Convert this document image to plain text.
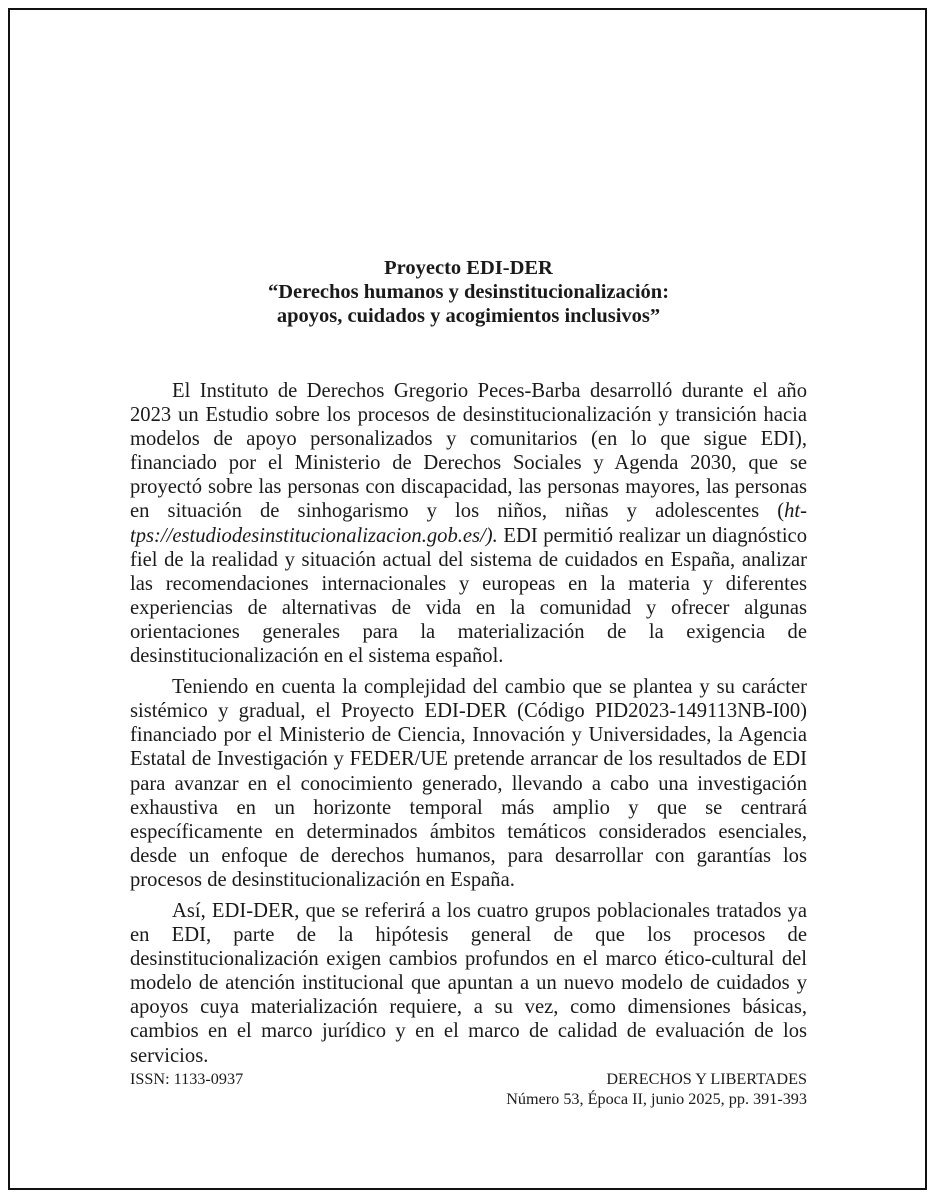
Proyecto EDI-DER
“Derechos humanos y desinstitucionalización:
apoyos, cuidados y acogimientos inclusivos”

El Instituto de Derechos Gregorio Peces-Barba desarrolló durante el año 2023 un Estudio sobre los procesos de desinstitucionalización y transición hacia modelos de apoyo personalizados y comunitarios (en lo que sigue EDI), financiado por el Ministerio de Derechos Sociales y Agenda 2030, que se proyectó sobre las personas con discapacidad, las personas mayores, las personas en situación de sinhogarismo y los niños, niñas y adolescentes (ht-tps://estudiodesinstitucionalizacion.gob.es/). EDI permitió realizar un diagnóstico fiel de la realidad y situación actual del sistema de cuidados en España, analizar las recomendaciones internacionales y europeas en la materia y diferentes experiencias de alternativas de vida en la comunidad y ofrecer algunas orientaciones generales para la materialización de la exigencia de desinstitucionalización en el sistema español.

Teniendo en cuenta la complejidad del cambio que se plantea y su carácter sistémico y gradual, el Proyecto EDI-DER (Código PID2023-149113NB-I00) financiado por el Ministerio de Ciencia, Innovación y Universidades, la Agencia Estatal de Investigación y FEDER/UE pretende arrancar de los resultados de EDI para avanzar en el conocimiento generado, llevando a cabo una investigación exhaustiva en un horizonte temporal más amplio y que se centrará específicamente en determinados ámbitos temáticos considerados esenciales, desde un enfoque de derechos humanos, para desarrollar con garantías los procesos de desinstitucionalización en España.

Así, EDI-DER, que se referirá a los cuatro grupos poblacionales tratados ya en EDI, parte de la hipótesis general de que los procesos de desinstitucionalización exigen cambios profundos en el marco ético-cultural del modelo de atención institucional que apuntan a un nuevo modelo de cuidados y apoyos cuya materialización requiere, a su vez, como dimensiones básicas, cambios en el marco jurídico y en el marco de calidad de evaluación de los servicios.

ISSN: 1133-0937	DERECHOS Y LIBERTADES
Número 53, Época II, junio 2025, pp. 391-393
